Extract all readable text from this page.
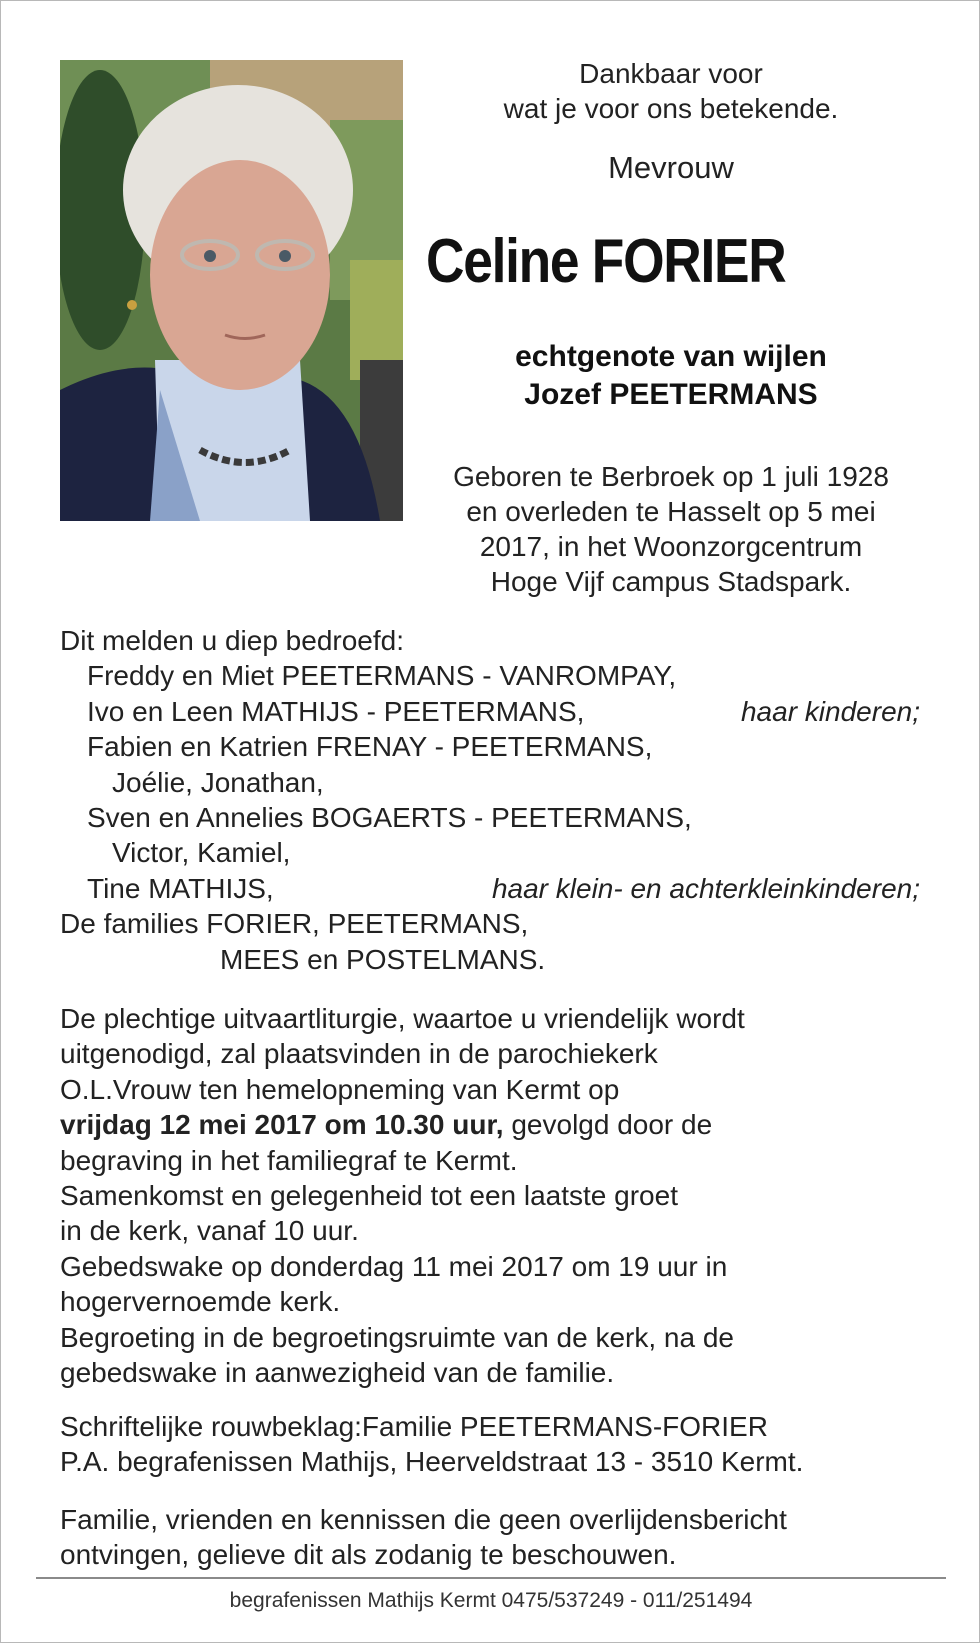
Dankbaar voor
wat je voor ons betekende.
Mevrouw
Celine FORIER
echtgenote van wijlen
Jozef PEETERMANS
Geboren te Berbroek op 1 juli 1928
en overleden te Hasselt op 5 mei
2017, in het Woonzorgcentrum
Hoge Vijf campus Stadspark.
Dit melden u diep bedroefd:
Freddy en Miet PEETERMANS - VANROMPAY,
Ivo en Leen MATHIJS - PEETERMANS,	haar kinderen;
Fabien en Katrien FRENAY - PEETERMANS,
Joélie, Jonathan,
Sven en Annelies BOGAERTS - PEETERMANS,
Victor, Kamiel,
Tine MATHIJS,	haar klein- en achterkleinkinderen;
De families FORIER, PEETERMANS,
MEES en POSTELMANS.

De plechtige uitvaartliturgie, waartoe u vriendelijk wordt

uitgenodigd, zal plaatsvinden in de parochiekerk

O.L.Vrouw ten hemelopneming van Kermt op

vrijdag 12 mei 2017 om 10.30 uur, gevolgd door de

begraving in het familiegraf te Kermt.

Samenkomst en gelegenheid tot een laatste groet

in de kerk, vanaf 10 uur.

Gebedswake op donderdag 11 mei 2017 om 19 uur in

hogervernoemde kerk.

Begroeting in de begroetingsruimte van de kerk, na de

gebedswake in aanwezigheid van de familie.

Schriftelijke rouwbeklag:Familie PEETERMANS-FORIER

P.A. begrafenissen Mathijs, Heerveldstraat 13 - 3510 Kermt.

Familie, vrienden en kennissen die geen overlijdensbericht

ontvingen, gelieve dit als zodanig te beschouwen.

begrafenissen Mathijs Kermt 0475/537249 - 011/251494
